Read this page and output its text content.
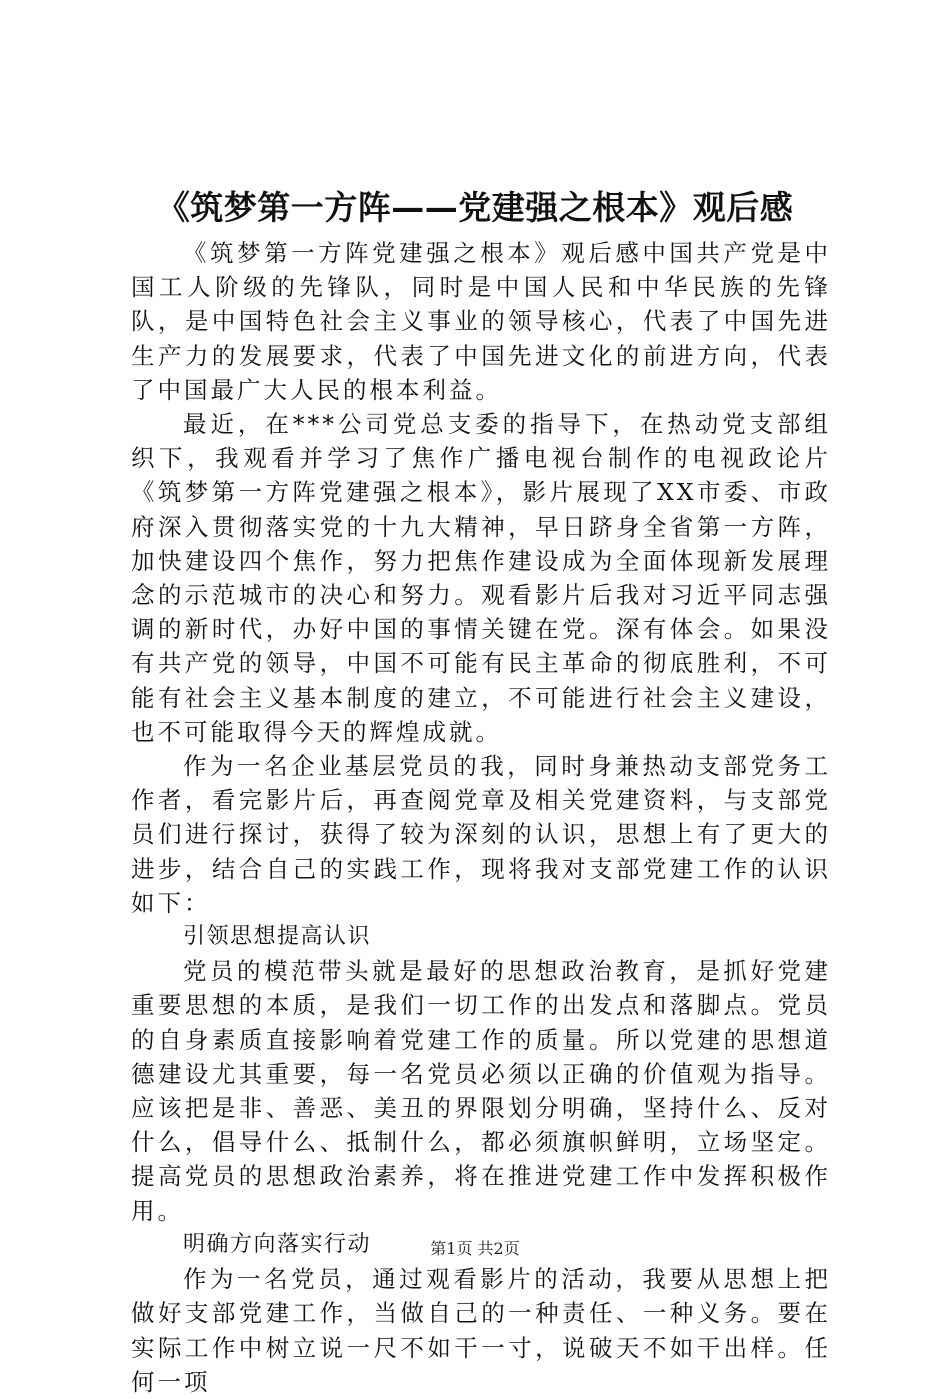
《筑梦第一方阵——党建强之根本》观后感

《筑梦第一方阵党建强之根本》观后感中国共产党是中国工人阶级的先锋队，同时是中国人民和中华民族的先锋队，是中国特色社会主义事业的领导核心，代表了中国先进生产力的发展要求，代表了中国先进文化的前进方向，代表了中国最广大人民的根本利益。

最近，在***公司党总支委的指导下，在热动党支部组织下，我观看并学习了焦作广播电视台制作的电视政论片《筑梦第一方阵党建强之根本》，影片展现了XX市委、市政府深入贯彻落实党的十九大精神，早日跻身全省第一方阵，加快建设四个焦作，努力把焦作建设成为全面体现新发展理念的示范城市的决心和努力。观看影片后我对习近平同志强调的新时代，办好中国的事情关键在党。深有体会。如果没有共产党的领导，中国不可能有民主革命的彻底胜利，不可能有社会主义基本制度的建立，不可能进行社会主义建设，也不可能取得今天的辉煌成就。

作为一名企业基层党员的我，同时身兼热动支部党务工作者，看完影片后，再查阅党章及相关党建资料，与支部党员们进行探讨，获得了较为深刻的认识，思想上有了更大的进步，结合自己的实践工作，现将我对支部党建工作的认识如下：

引领思想提高认识

党员的模范带头就是最好的思想政治教育，是抓好党建重要思想的本质，是我们一切工作的出发点和落脚点。党员的自身素质直接影响着党建工作的质量。所以党建的思想道德建设尤其重要，每一名党员必须以正确的价值观为指导。应该把是非、善恶、美丑的界限划分明确，坚持什么、反对什么，倡导什么、抵制什么，都必须旗帜鲜明，立场坚定。提高党员的思想政治素养，将在推进党建工作中发挥积极作用。

明确方向落实行动

作为一名党员，通过观看影片的活动，我要从思想上把做好支部党建工作，当做自己的一种责任、一种义务。要在实际工作中树立说一尺不如干一寸，说破天不如干出样。任何一项

第1页 共2页
